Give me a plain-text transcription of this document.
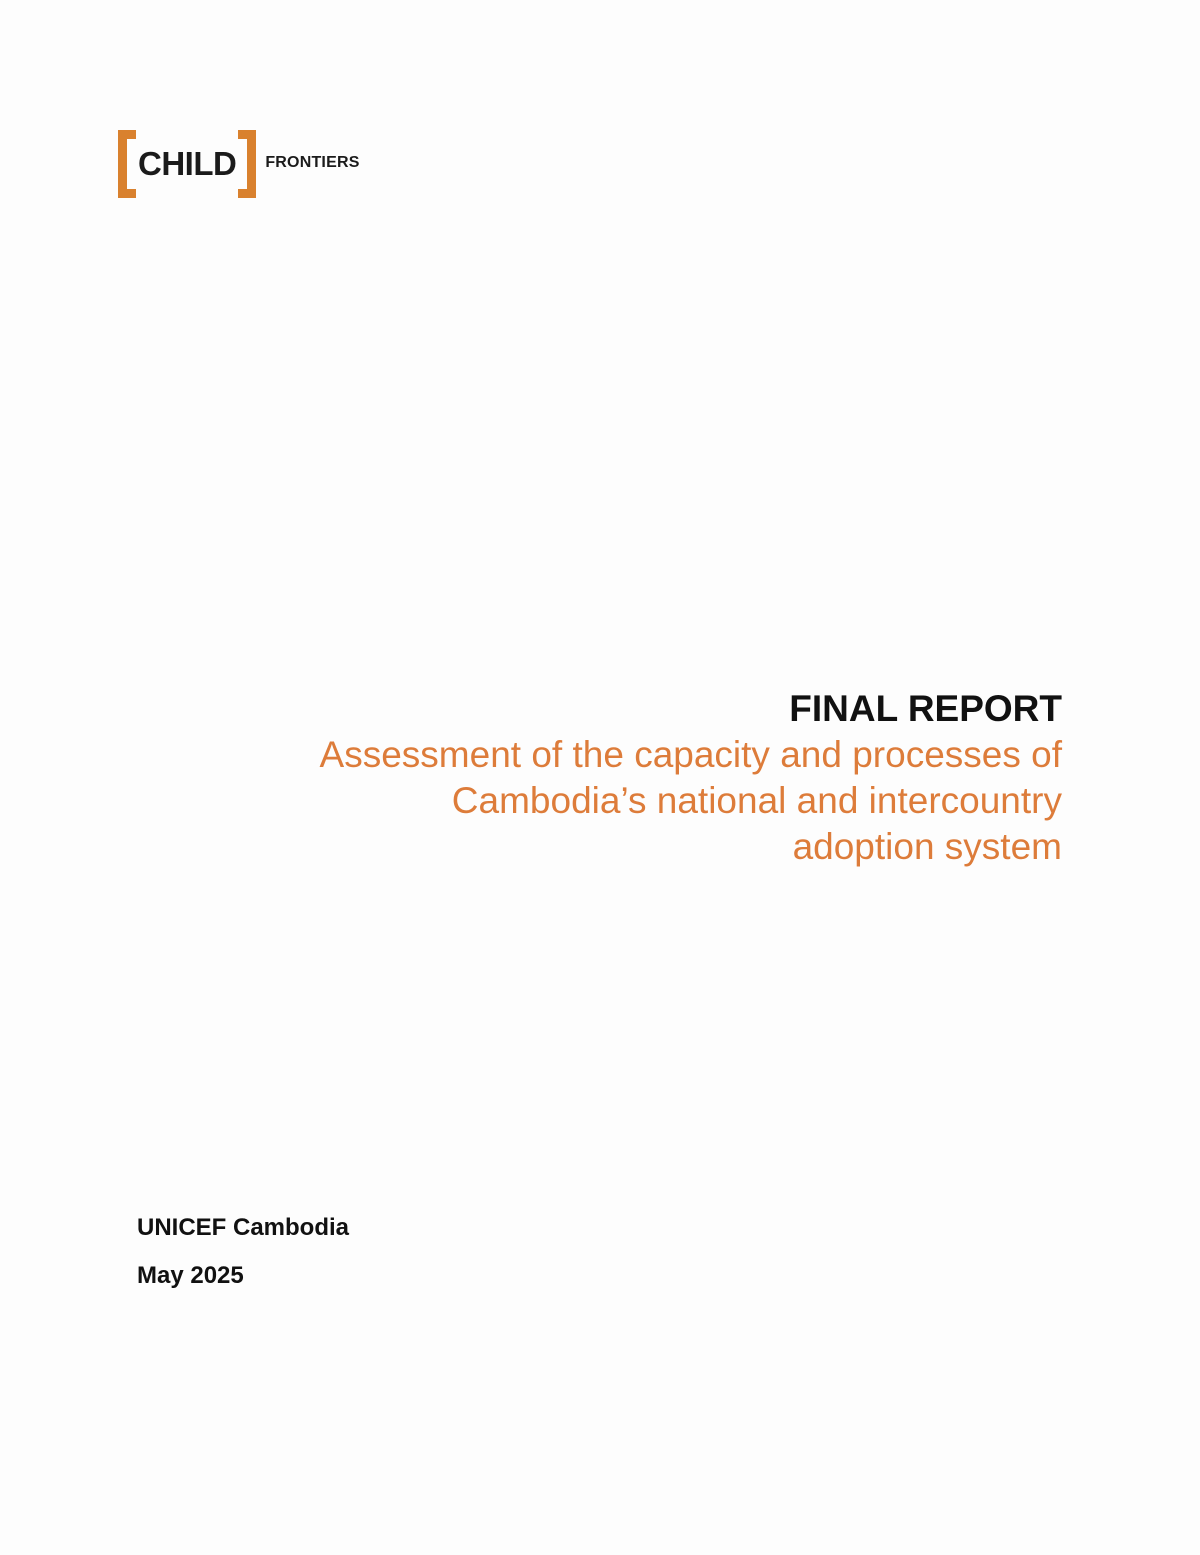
CHILD FRONTIERS
FINAL REPORT
Assessment of the capacity and processes of
Cambodia’s national and intercountry
adoption system
UNICEF Cambodia
May 2025
